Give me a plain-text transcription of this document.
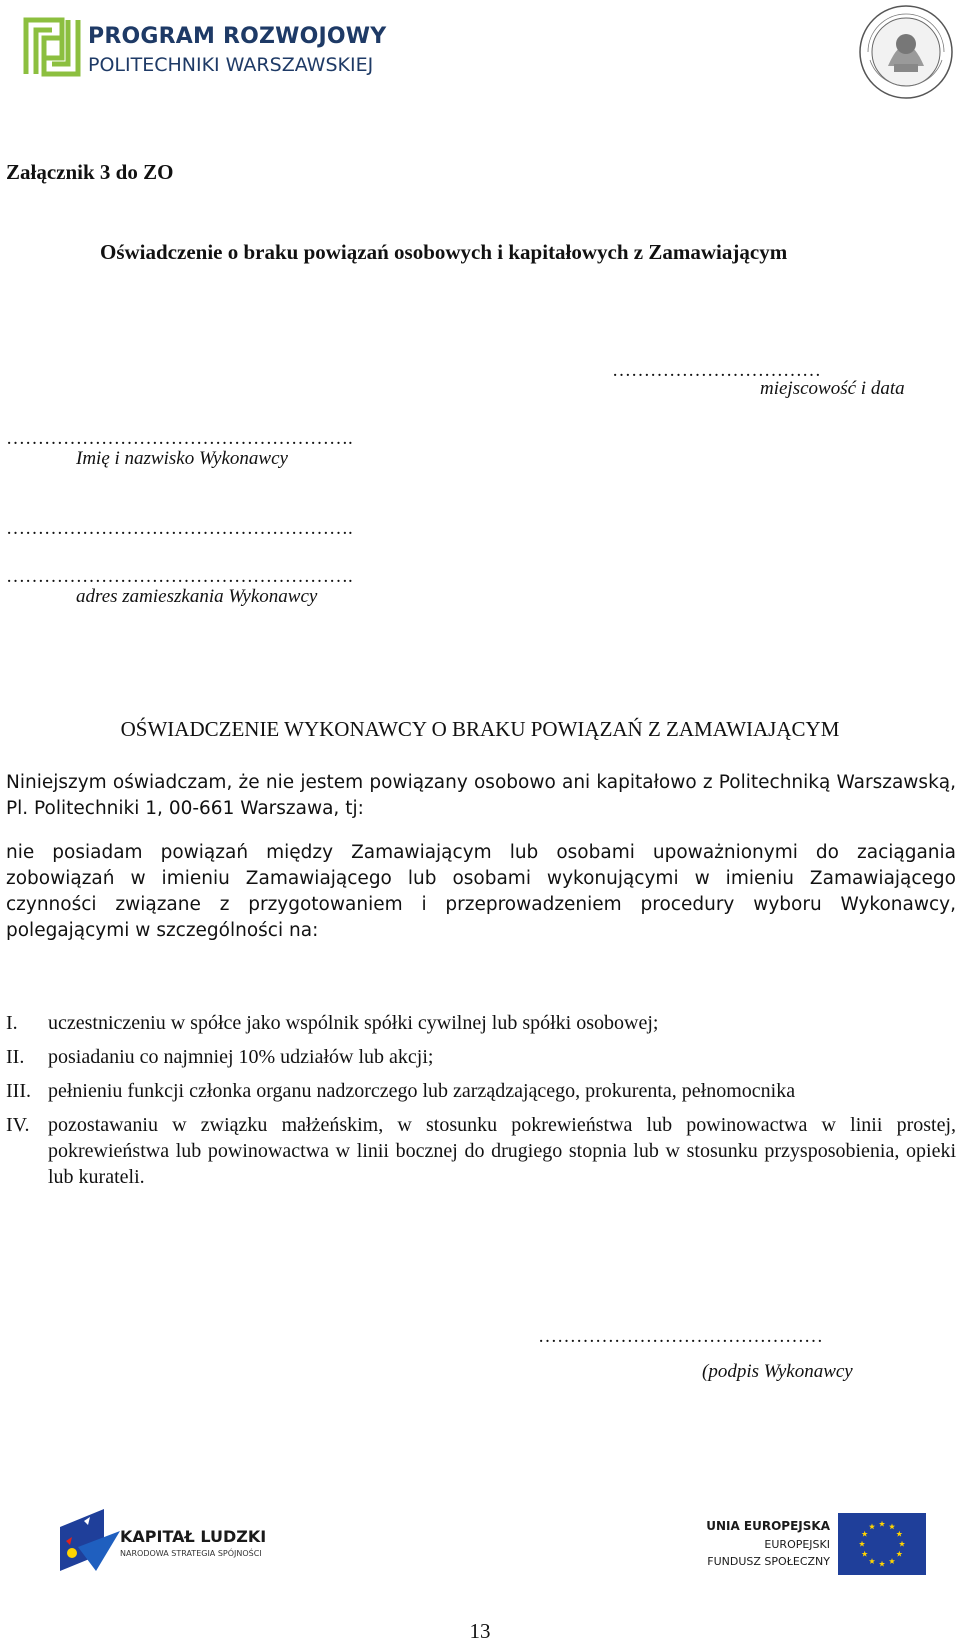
PROGRAM ROZWOJOWY
POLITECHNIKI WARSZAWSKIEJ
Załącznik 3 do ZO
Oświadczenie o braku powiązań osobowych i kapitałowych z Zamawiającym
……………………………
miejscowość i data
……………………………………………….
Imię i nazwisko Wykonawcy
……………………………………………….
……………………………………………….
adres zamieszkania Wykonawcy
OŚWIADCZENIE WYKONAWCY O BRAKU POWIĄZAŃ Z ZAMAWIAJĄCYM
Niniejszym oświadczam, że nie jestem powiązany osobowo ani kapitałowo z Politechniką Warszawską, Pl. Politechniki 1, 00-661 Warszawa, tj:
nie posiadam powiązań między Zamawiającym lub osobami upoważnionymi do zaciągania zobowiązań w imieniu Zamawiającego lub osobami wykonującymi w imieniu Zamawiającego czynności związane z przygotowaniem i przeprowadzeniem procedury wyboru Wykonawcy, polegającymi w szczególności na:
I. uczestniczeniu w spółce jako wspólnik spółki cywilnej lub spółki osobowej;
II. posiadaniu co najmniej 10% udziałów lub akcji;
III. pełnieniu funkcji członka organu nadzorczego lub zarządzającego, prokurenta, pełnomocnika
IV. pozostawaniu w związku małżeńskim, w stosunku pokrewieństwa lub powinowactwa w linii prostej, pokrewieństwa lub powinowactwa w linii bocznej do drugiego stopnia lub w stosunku przysposobienia, opieki lub kurateli.
………………………………………
(podpis Wykonawcy
KAPITAŁ LUDZKI
NARODOWA STRATEGIA SPÓJNOŚCI
UNIA EUROPEJSKA
EUROPEJSKI
FUNDUSZ SPOŁECZNY
13
